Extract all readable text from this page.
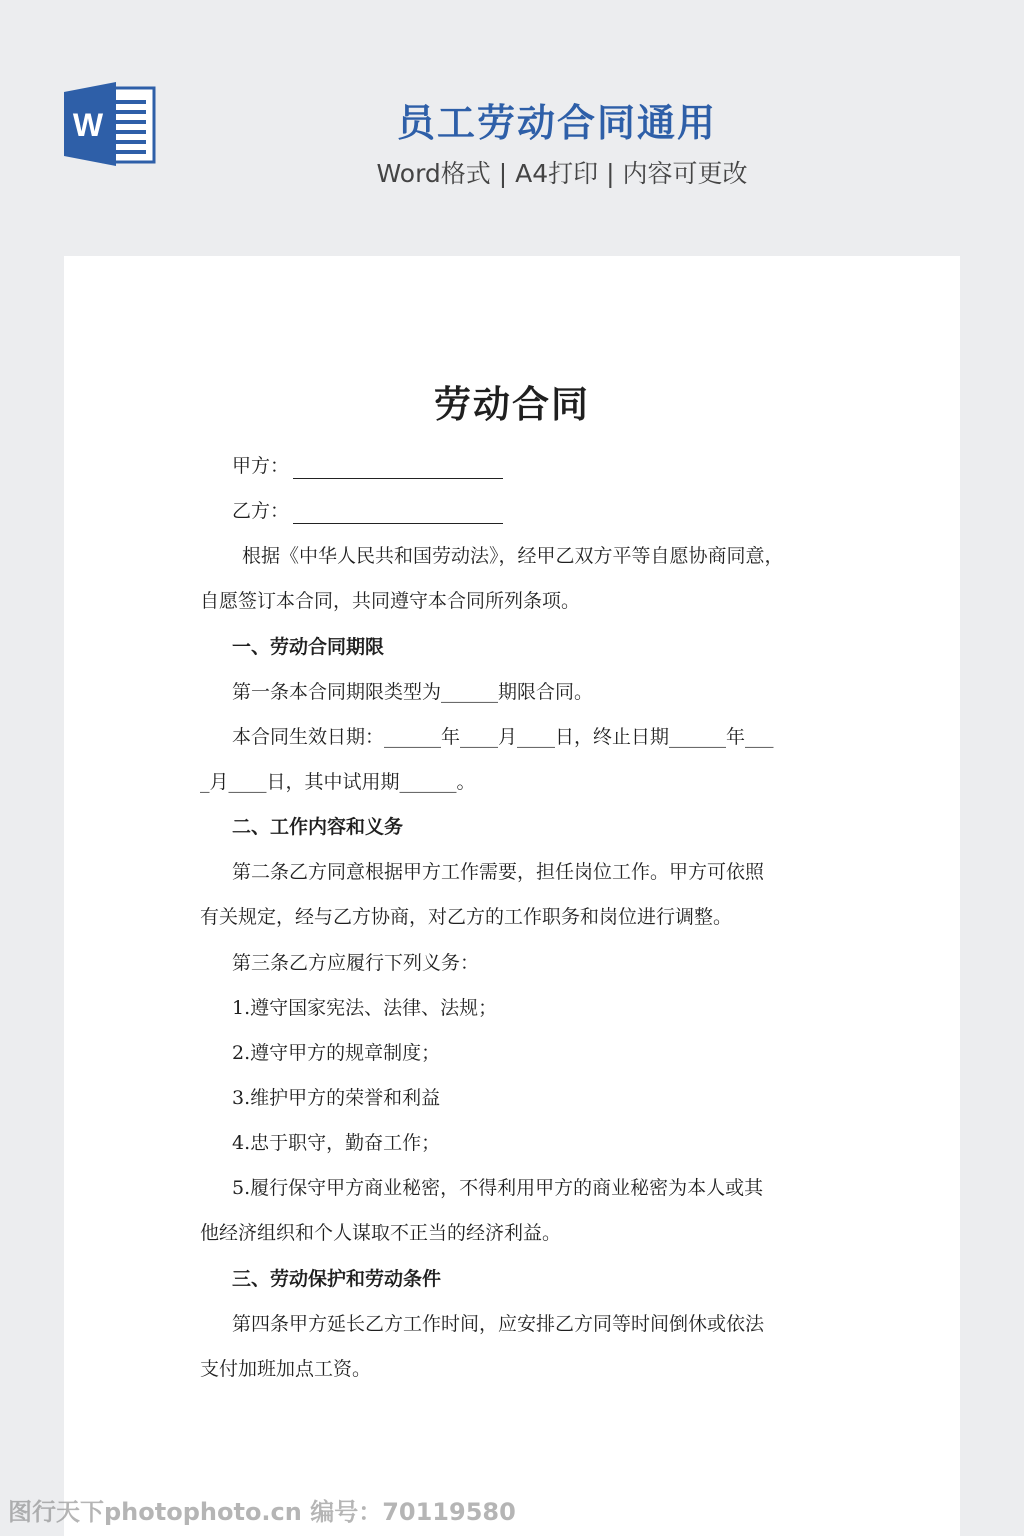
W	员工劳动合同通用
Word格式 | A4打印 | 内容可更改
劳动合同
甲方：
乙方：
根据《中华人民共和国劳动法》，经甲乙双方平等自愿协商同意，
自愿签订本合同，共同遵守本合同所列条项。
一、劳动合同期限
第一条本合同期限类型为______期限合同。
本合同生效日期：______年____月____日，终止日期______年___
_月____日，其中试用期______。
二、工作内容和义务
第二条乙方同意根据甲方工作需要，担任岗位工作。甲方可依照
有关规定，经与乙方协商，对乙方的工作职务和岗位进行调整。
第三条乙方应履行下列义务：
1.遵守国家宪法、法律、法规；
2.遵守甲方的规章制度；
3.维护甲方的荣誉和利益
4.忠于职守，勤奋工作；
5.履行保守甲方商业秘密，不得利用甲方的商业秘密为本人或其
他经济组织和个人谋取不正当的经济利益。
三、劳动保护和劳动条件
第四条甲方延长乙方工作时间，应安排乙方同等时间倒休或依法
支付加班加点工资。
图行天下photophoto.cn 编号：70119580
